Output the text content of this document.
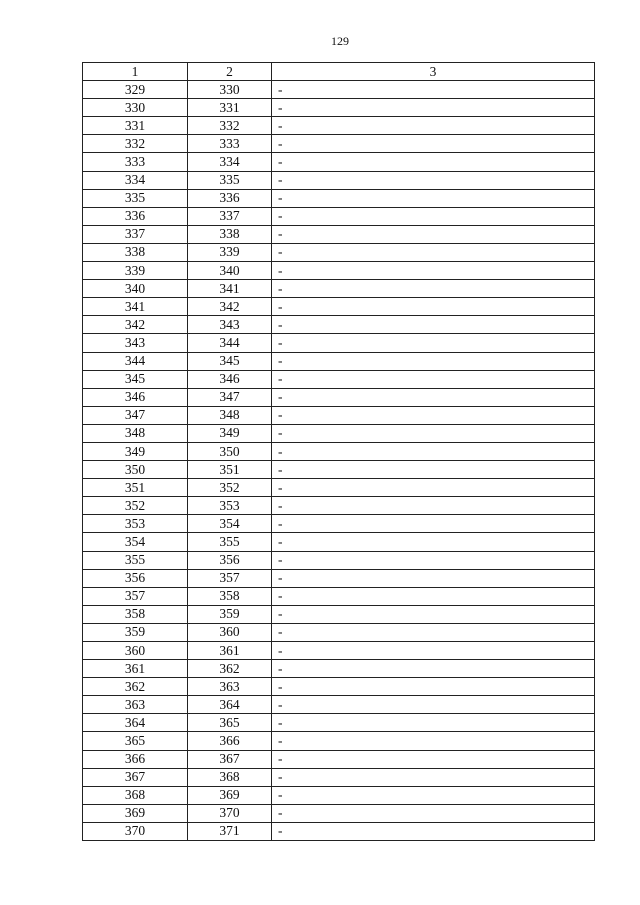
129
1	2	3
329	330	-
330	331	-
331	332	-
332	333	-
333	334	-
334	335	-
335	336	-
336	337	-
337	338	-
338	339	-
339	340	-
340	341	-
341	342	-
342	343	-
343	344	-
344	345	-
345	346	-
346	347	-
347	348	-
348	349	-
349	350	-
350	351	-
351	352	-
352	353	-
353	354	-
354	355	-
355	356	-
356	357	-
357	358	-
358	359	-
359	360	-
360	361	-
361	362	-
362	363	-
363	364	-
364	365	-
365	366	-
366	367	-
367	368	-
368	369	-
369	370	-
370	371	-
